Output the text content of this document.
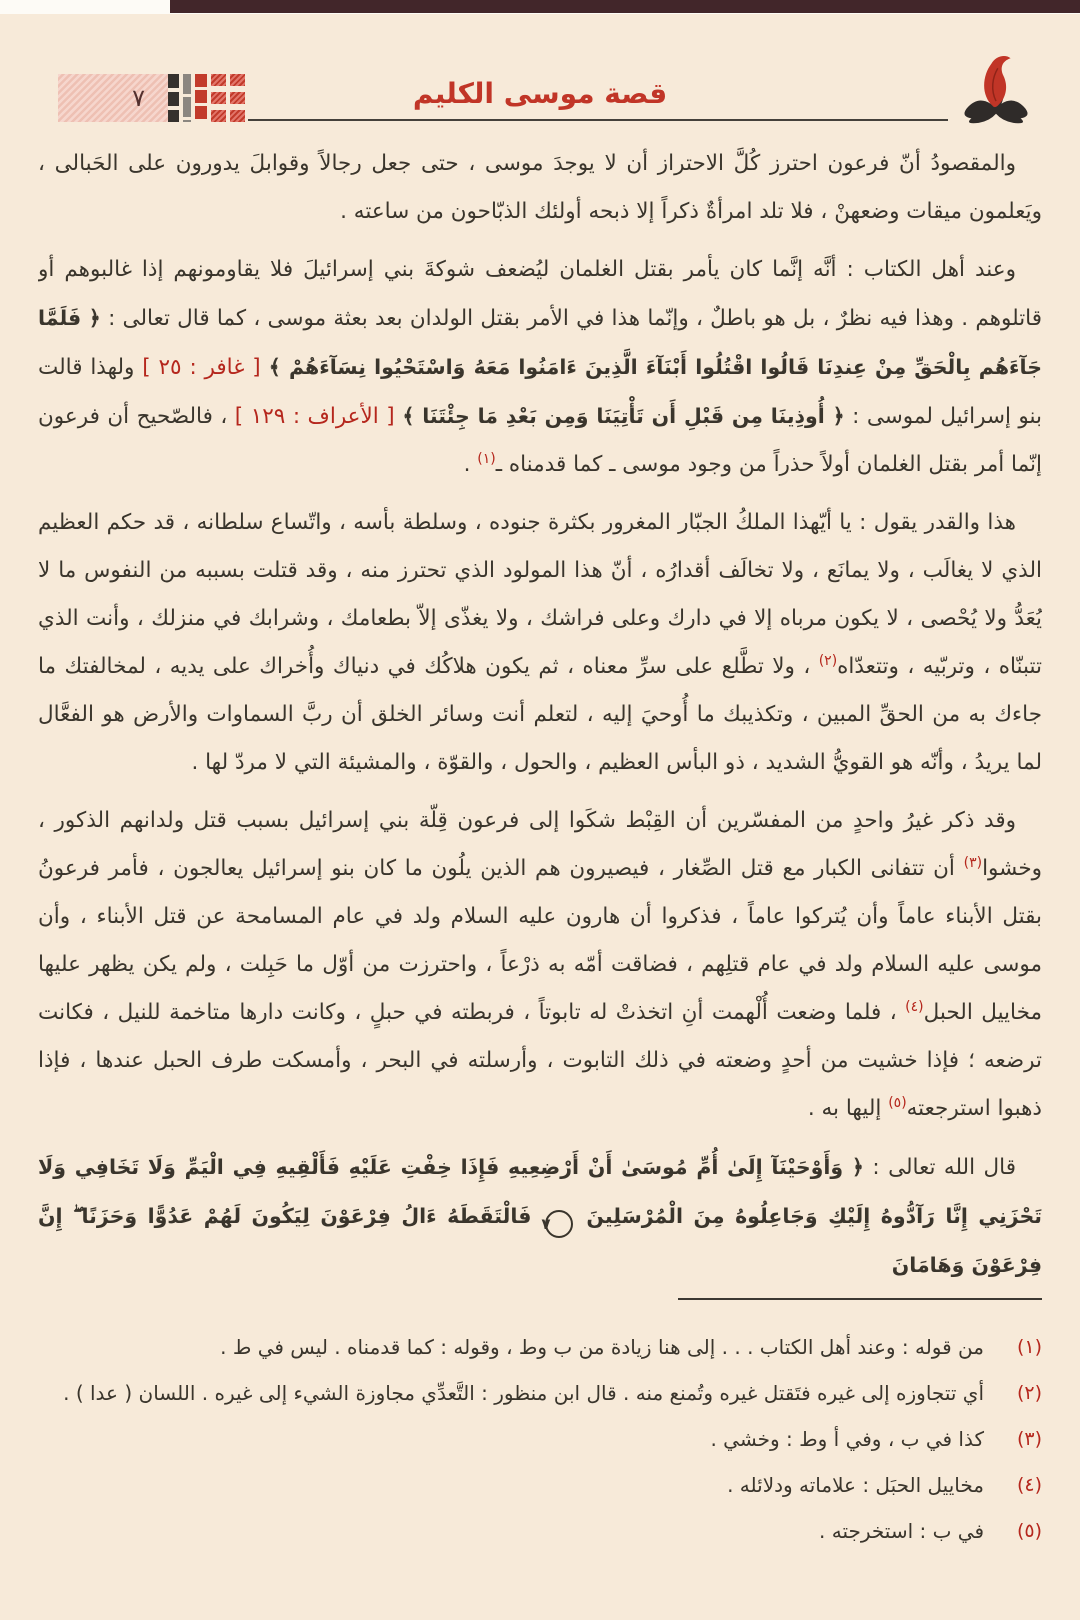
٧	قصة موسى الكليم

والمقصودُ أنّ فرعون احترز كُلَّ الاحتراز أن لا يوجدَ موسى ، حتى جعل رجالاً وقوابلَ يدورون على الحَبالى ، ويَعلمون ميقات وضعهنْ ، فلا تلد امرأةٌ ذكراً إلا ذبحه أولئك الذبّاحون من ساعته .

وعند أهل الكتاب : أنَّه إنَّما كان يأمر بقتل الغلمان ليُضعف شوكةَ بني إسرائيلَ فلا يقاومونهم إذا غالبوهم أو قاتلوهم . وهذا فيه نظرٌ ، بل هو باطلٌ ، وإنّما هذا في الأمر بقتل الولدان بعد بعثة موسى ، كما قال تعالى : ﴿ فَلَمَّا جَآءَهُم بِالْحَقِّ مِنْ عِندِنَا قَالُوا اقْتُلُوا أَبْنَآءَ الَّذِينَ ءَامَنُوا مَعَهُ وَاسْتَحْيُوا نِسَآءَهُمْ ﴾ [ غافر : ٢٥ ] ولهذا قالت بنو إسرائيل لموسى : ﴿ أُوذِينَا مِن قَبْلِ أَن تَأْتِيَنَا وَمِن بَعْدِ مَا جِئْتَنَا ﴾ [ الأعراف : ١٢٩ ] ، فالصّحيح أن فرعون إنّما أمر بقتل الغلمان أولاً حذراً من وجود موسى ـ كما قدمناه ـ$^{(١)}$ .

هذا والقدر يقول : يا أيّهذا الملكُ الجبّار المغرور بكثرة جنوده ، وسلطة بأسه ، واتّساع سلطانه ، قد حكم العظيم الذي لا يغالَب ، ولا يمانَع ، ولا تخالَف أقدارُه ، أنّ هذا المولود الذي تحترز منه ، وقد قتلت بسببه من النفوس ما لا يُعَدُّ ولا يُحْصى ، لا يكون مرباه إلا في دارك وعلى فراشك ، ولا يغذّى إلاّ بطعامك ، وشرابك في منزلك ، وأنت الذي تتبنّاه ، وتربّيه ، وتتعدّاه$^{(٢)}$ ، ولا تطَّلع على سرِّ معناه ، ثم يكون هلاكُك في دنياك وأُخراك على يديه ، لمخالفتك ما جاءك به من الحقِّ المبين ، وتكذيبك ما أُوحيَ إليه ، لتعلم أنت وسائر الخلق أن ربَّ السماوات والأرض هو الفعَّال لما يريدُ ، وأنّه هو القويُّ الشديد ، ذو البأس العظيم ، والحول ، والقوّة ، والمشيئة التي لا مردّ لها .

وقد ذكر غيرُ واحدٍ من المفسّرين أن القِبْط شكَوا إلى فرعون قِلّة بني إسرائيل بسبب قتل ولدانهم الذكور ، وخشوا$^{(٣)}$ أن تتفانى الكبار مع قتل الصِّغار ، فيصيرون هم الذين يلُون ما كان بنو إسرائيل يعالجون ، فأمر فرعونُ بقتل الأبناء عاماً وأن يُتركوا عاماً ، فذكروا أن هارون عليه السلام ولد في عام المسامحة عن قتل الأبناء ، وأن موسى عليه السلام ولد في عام قتلِهم ، فضاقت أمّه به ذرْعاً ، واحترزت من أوّل ما حَبِلت ، ولم يكن يظهر عليها مخاييل الحبل$^{(٤)}$ ، فلما وضعت أُلْهمت أنِ اتخذتْ له تابوتاً ، فربطته في حبلٍ ، وكانت دارها متاخمة للنيل ، فكانت ترضعه ؛ فإذا خشيت من أحدٍ وضعته في ذلك التابوت ، وأرسلته في البحر ، وأمسكت طرف الحبل عندها ، فإذا ذهبوا استرجعته$^{(٥)}$ إليها به .

قال الله تعالى : ﴿ وَأَوْحَيْنَآ إِلَىٰ أُمِّ مُوسَىٰ أَنْ أَرْضِعِيهِ فَإِذَا خِفْتِ عَلَيْهِ فَأَلْقِيهِ فِي الْيَمِّ وَلَا تَخَافِي وَلَا تَحْزَنِي إِنَّا رَآدُّوهُ إِلَيْكِ وَجَاعِلُوهُ مِنَ الْمُرْسَلِينَ ٧ فَالْتَقَطَهُ ءَالُ فِرْعَوْنَ لِيَكُونَ لَهُمْ عَدُوًّا وَحَزَنًا ۖ إِنَّ فِرْعَوْنَ وَهَامَانَ

(١)
من قوله : وعند أهل الكتاب . . . إلى هنا زيادة من ب وط ، وقوله : كما قدمناه . ليس في ط .
(٢)
أي تتجاوزه إلى غيره فتَقتل غيره وتُمنع منه . قال ابن منظور : التَّعدِّي مجاوزة الشيء إلى غيره . اللسان ( عدا ) .
(٣)
كذا في ب ، وفي أ وط : وخشي .
(٤)
مخاييل الحبَل : علاماته ودلائله .
(٥)
في ب : استخرجته .
